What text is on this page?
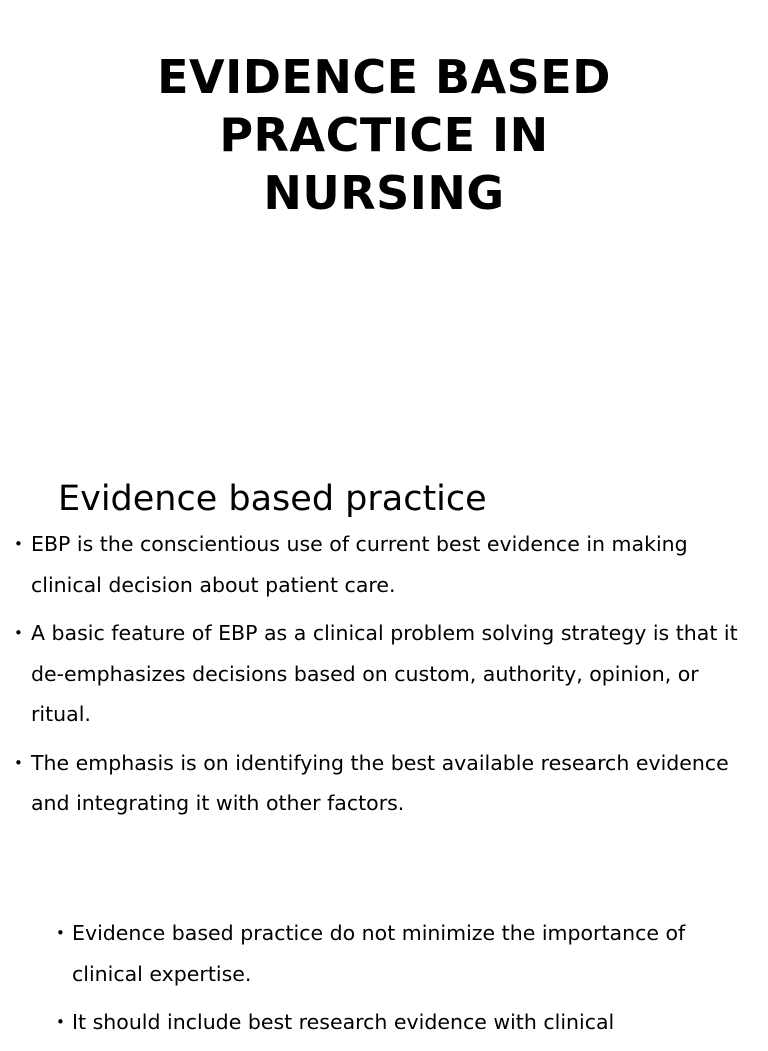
EVIDENCE BASED
PRACTICE IN
NURSING
Evidence based practice
• EBP is the conscientious use of current best evidence in making clinical decision about patient care.
• A basic feature of EBP as a clinical problem solving strategy is that it de-emphasizes decisions based on custom, authority, opinion, or ritual.
• The emphasis is on identifying the best available research evidence and integrating it with other factors.
• Evidence based practice do not minimize the importance of clinical expertise.
• It should include best research evidence with clinical
